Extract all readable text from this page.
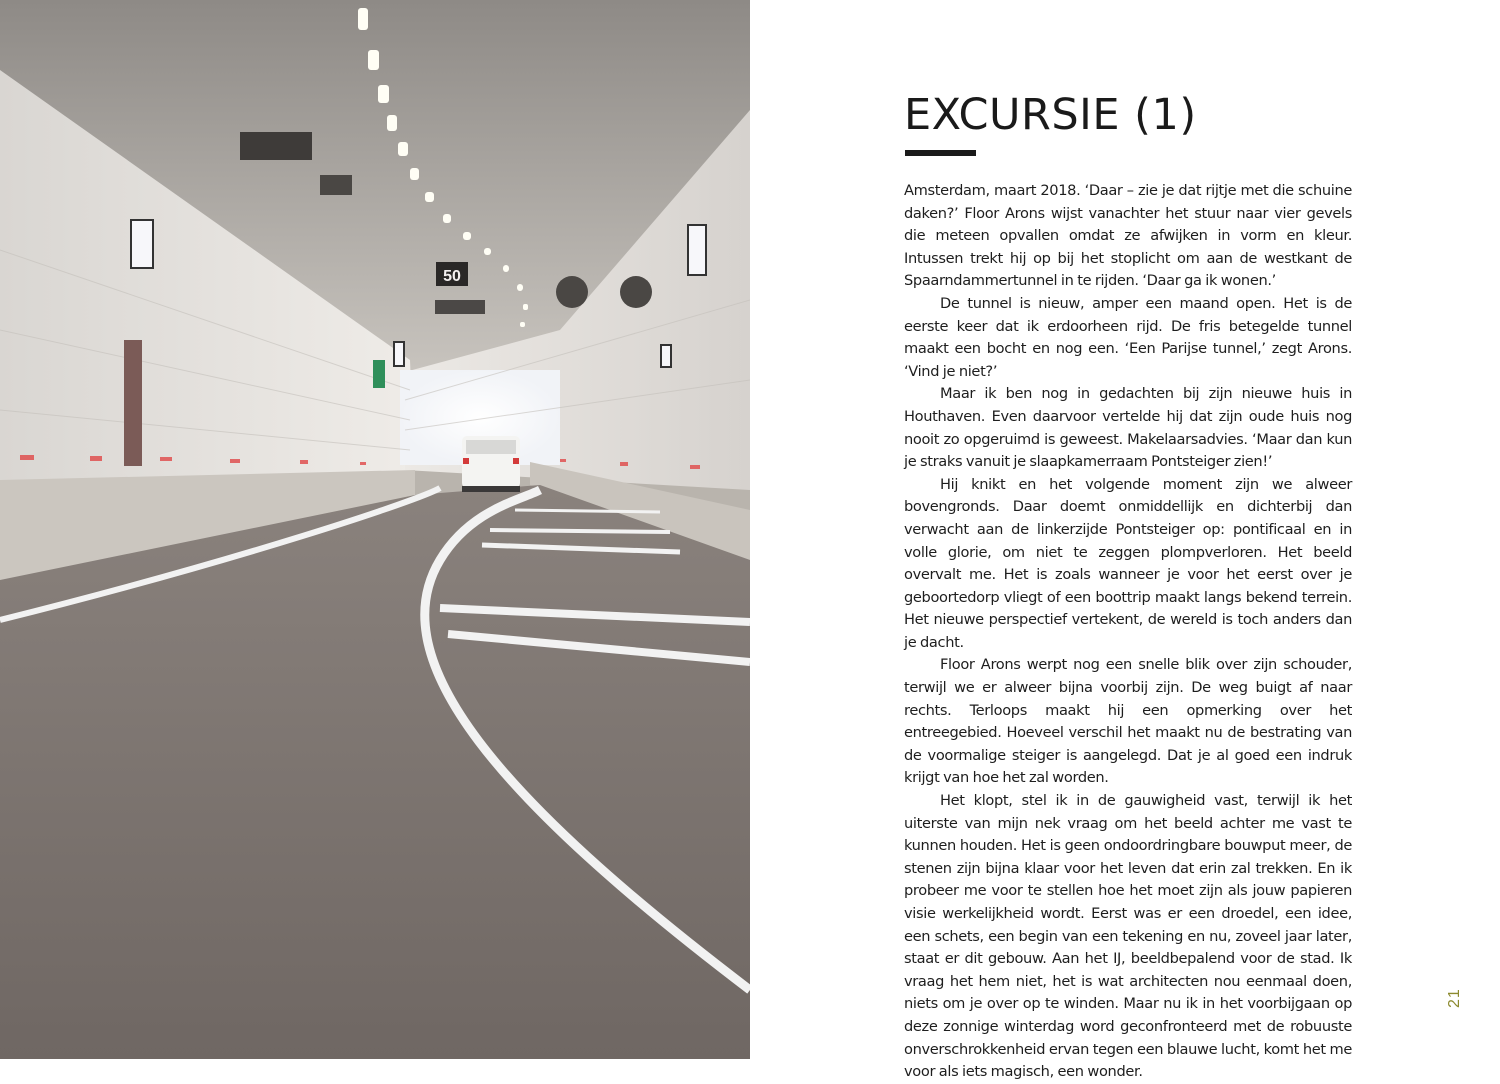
50
EXCURSIE (1)

Amsterdam, maart 2018. ‘Daar – zie je dat rijtje met die schuine daken?’ Floor Arons wijst vanachter het stuur naar vier gevels die meteen opvallen omdat ze afwijken in vorm en kleur. Intussen trekt hij op bij het stoplicht om aan de westkant de Spaarndammertunnel in te rijden. ‘Daar ga ik wonen.’

De tunnel is nieuw, amper een maand open. Het is de eerste keer dat ik erdoorheen rijd. De fris betegelde tunnel maakt een bocht en nog een. ‘Een Parijse tunnel,’ zegt Arons. ‘Vind je niet?’

Maar ik ben nog in gedachten bij zijn nieuwe huis in Houthaven. Even daarvoor vertelde hij dat zijn oude huis nog nooit zo opgeruimd is geweest. Makelaarsadvies. ‘Maar dan kun je straks vanuit je slaapkamerraam Pontsteiger zien!’

Hij knikt en het volgende moment zijn we alweer bovengronds. Daar doemt onmiddellijk en dichterbij dan verwacht aan de linkerzijde Pontsteiger op: pontificaal en in volle glorie, om niet te zeggen plompverloren. Het beeld overvalt me. Het is zoals wanneer je voor het eerst over je geboortedorp vliegt of een boottrip maakt langs bekend terrein. Het nieuwe perspectief vertekent, de wereld is toch anders dan je dacht.

Floor Arons werpt nog een snelle blik over zijn schouder, terwijl we er alweer bijna voorbij zijn. De weg buigt af naar rechts. Terloops maakt hij een opmerking over het entreegebied. Hoeveel verschil het maakt nu de bestrating van de voormalige steiger is aangelegd. Dat je al goed een indruk krijgt van hoe het zal worden.

Het klopt, stel ik in de gauwigheid vast, terwijl ik het uiterste van mijn nek vraag om het beeld achter me vast te kunnen houden. Het is geen ondoordringbare bouwput meer, de stenen zijn bijna klaar voor het leven dat erin zal trekken. En ik probeer me voor te stellen hoe het moet zijn als jouw papieren visie werkelijkheid wordt. Eerst was er een droedel, een idee, een schets, een begin van een tekening en nu, zoveel jaar later, staat er dit gebouw. Aan het IJ, beeldbepalend voor de stad. Ik vraag het hem niet, het is wat architecten nou eenmaal doen, niets om je over op te winden. Maar nu ik in het voorbijgaan op deze zonnige winterdag word geconfronteerd met de robuuste onverschrokkenheid ervan tegen een blauwe lucht, komt het me voor als iets magisch, een wonder.

21
